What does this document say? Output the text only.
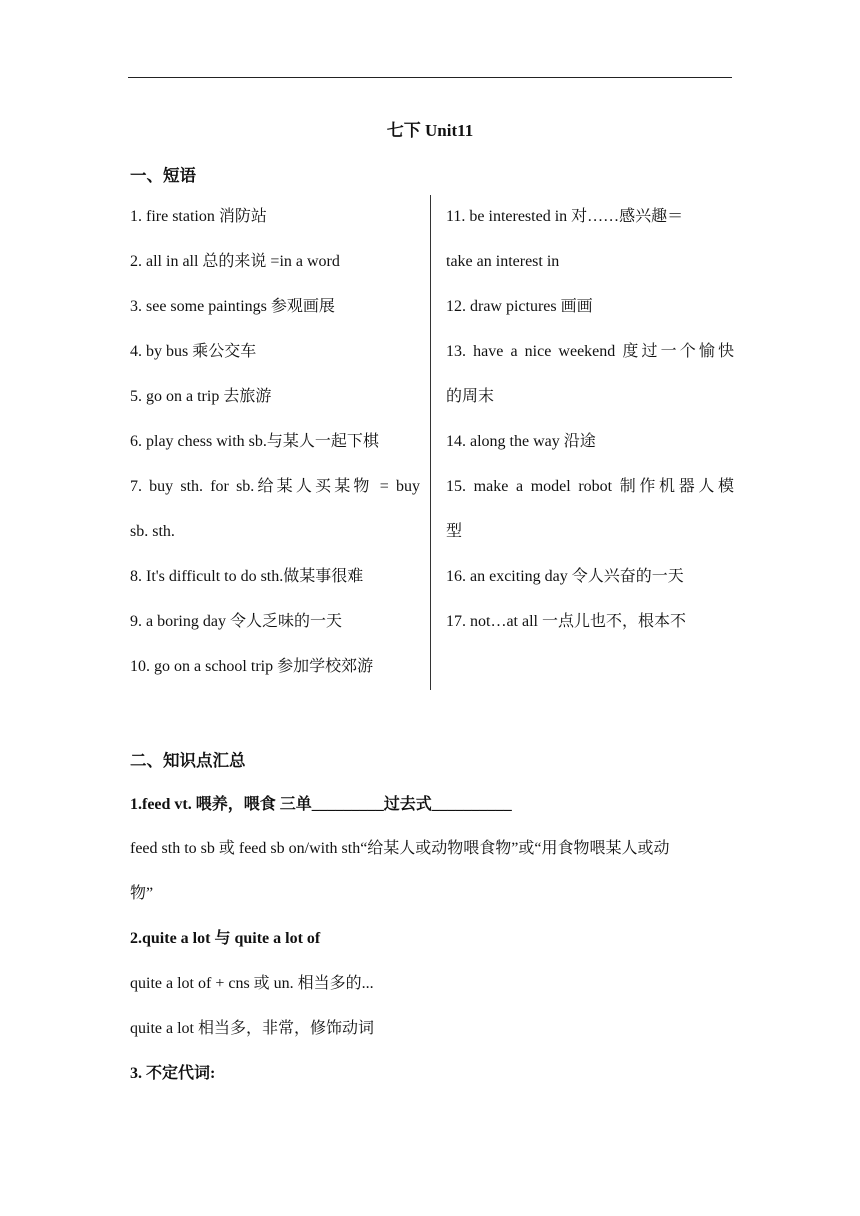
七下 Unit11
一、短语
1. fire station 消防站
2. all in all 总的来说 =in a word
3. see some paintings 参观画展
4. by bus 乘公交车
5. go on a trip 去旅游
6. play chess with sb.与某人一起下棋
7. buy sth. for sb.给某人买某物 = buy
sb. sth.
8. It's difficult to do sth.做某事很难
9. a boring day 令人乏味的一天
10. go on a school trip 参加学校郊游
11. be interested in 对……感兴趣＝
take an interest in
12. draw pictures 画画
13. have a nice weekend 度过一个愉快
的周末
14. along the way 沿途
15. make a model robot 制作机器人模
型
16. an exciting day 令人兴奋的一天
17. not…at all 一点儿也不，根本不
二、知识点汇总
1.feed vt. 喂养，喂食 三单_________过去式__________
feed sth to sb 或 feed sb on/with sth“给某人或动物喂食物”或“用食物喂某人或动
物”
2.quite a lot 与 quite a lot of
quite a lot of + cns 或 un. 相当多的...
quite a lot 相当多，非常，修饰动词
3. 不定代词:
